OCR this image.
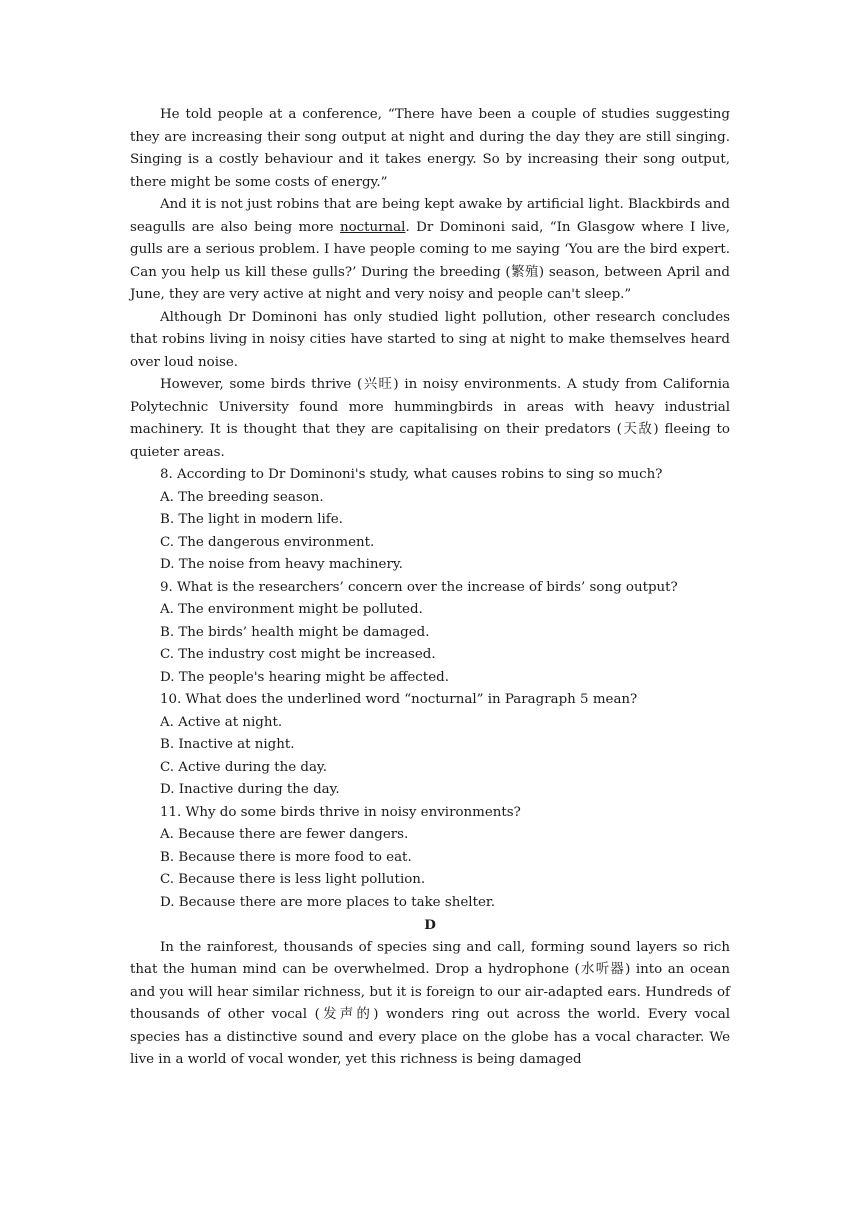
He told people at a conference, “There have been a couple of studies suggesting they are increasing their song output at night and during the day they are still singing. Singing is a costly behaviour and it takes energy. So by increasing their song output, there might be some costs of energy.”

And it is not just robins that are being kept awake by artificial light. Blackbirds and seagulls are also being more nocturnal. Dr Dominoni said, “In Glasgow where I live, gulls are a serious problem. I have people coming to me saying ‘You are the bird expert. Can you help us kill these gulls?’ During the breeding (繁殖) season, between April and June, they are very active at night and very noisy and people can't sleep.”

Although Dr Dominoni has only studied light pollution, other research concludes that robins living in noisy cities have started to sing at night to make themselves heard over loud noise.

However, some birds thrive (兴旺) in noisy environments. A study from California Polytechnic University found more hummingbirds in areas with heavy industrial machinery. It is thought that they are capitalising on their predators (天敌) fleeing to quieter areas.

8. According to Dr Dominoni's study, what causes robins to sing so much?

A. The breeding season.

B. The light in modern life.

C. The dangerous environment.

D. The noise from heavy machinery.

9. What is the researchers’ concern over the increase of birds’ song output?

A. The environment might be polluted.

B. The birds’ health might be damaged.

C. The industry cost might be increased.

D. The people's hearing might be affected.

10. What does the underlined word “nocturnal” in Paragraph 5 mean?

A. Active at night.

B. Inactive at night.

C. Active during the day.

D. Inactive during the day.

11. Why do some birds thrive in noisy environments?

A. Because there are fewer dangers.

B. Because there is more food to eat.

C. Because there is less light pollution.

D. Because there are more places to take shelter.

D

In the rainforest, thousands of species sing and call, forming sound layers so rich that the human mind can be overwhelmed. Drop a hydrophone (水听器) into an ocean and you will hear similar richness, but it is foreign to our air-adapted ears. Hundreds of thousands of other vocal (发声的) wonders ring out across the world. Every vocal species has a distinctive sound and every place on the globe has a vocal character. We live in a world of vocal wonder, yet this richness is being damaged
